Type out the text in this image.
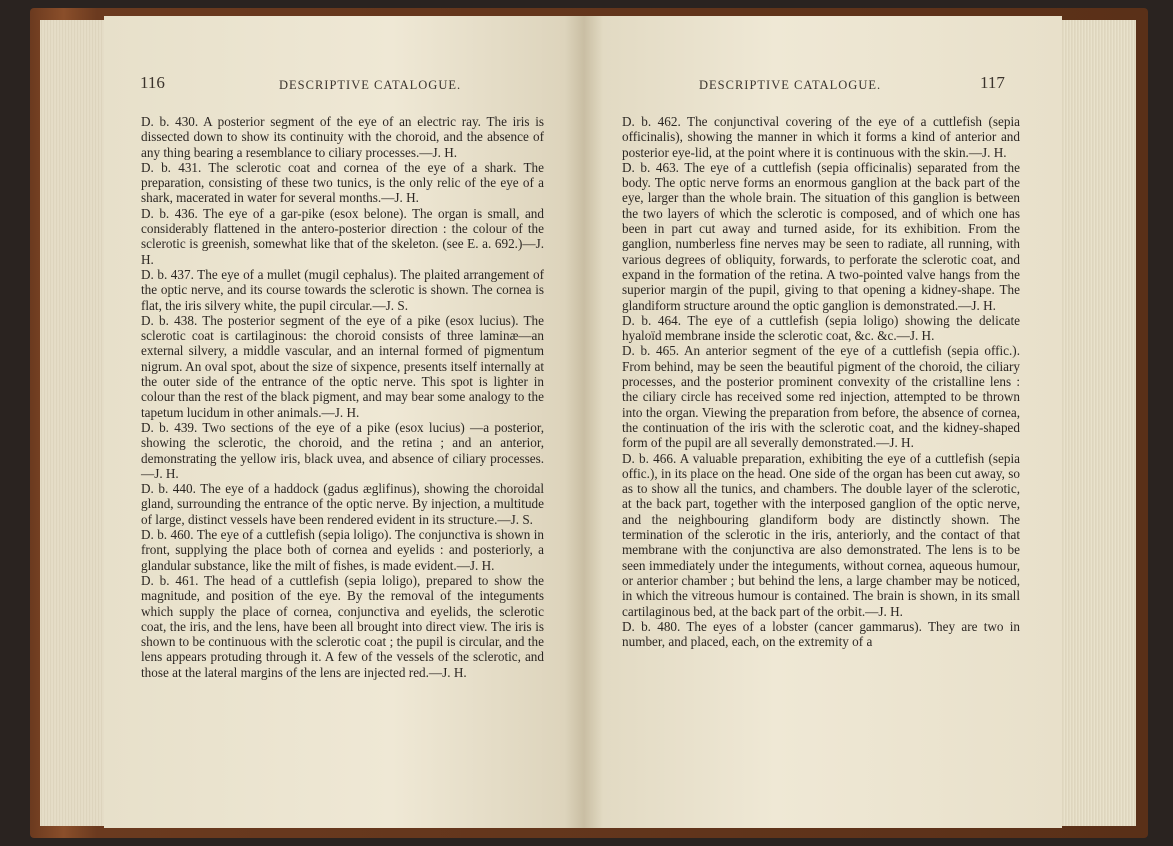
116	DESCRIPTIVE CATALOGUE.

D. b. 430. A posterior segment of the eye of an electric ray. The iris is dissected down to show its continuity with the choroid, and the absence of any thing bearing a resemblance to ciliary processes.—J. H.

D. b. 431. The sclerotic coat and cornea of the eye of a shark. The preparation, consisting of these two tunics, is the only relic of the eye of a shark, macerated in water for several months.—J. H.

D. b. 436. The eye of a gar-pike (esox belone). The organ is small, and considerably flattened in the antero-posterior direction : the colour of the sclerotic is greenish, somewhat like that of the skeleton. (see E. a. 692.)—J. H.

D. b. 437. The eye of a mullet (mugil cephalus). The plaited arrangement of the optic nerve, and its course towards the sclerotic is shown. The cornea is flat, the iris silvery white, the pupil circular.—J. S.

D. b. 438. The posterior segment of the eye of a pike (esox lucius). The sclerotic coat is cartilaginous: the choroid consists of three laminæ—an external silvery, a middle vascular, and an internal formed of pigmentum nigrum. An oval spot, about the size of sixpence, presents itself internally at the outer side of the entrance of the optic nerve. This spot is lighter in colour than the rest of the black pigment, and may bear some analogy to the tapetum lucidum in other animals.—J. H.

D. b. 439. Two sections of the eye of a pike (esox lucius) —a posterior, showing the sclerotic, the choroid, and the retina ; and an anterior, demonstrating the yellow iris, black uvea, and absence of ciliary processes.—J. H.

D. b. 440. The eye of a haddock (gadus æglifinus), showing the choroidal gland, surrounding the entrance of the optic nerve. By injection, a multitude of large, distinct vessels have been rendered evident in its structure.—J. S.

D. b. 460. The eye of a cuttlefish (sepia loligo). The conjunctiva is shown in front, supplying the place both of cornea and eyelids : and posteriorly, a glandular substance, like the milt of fishes, is made evident.—J. H.

D. b. 461. The head of a cuttlefish (sepia loligo), prepared to show the magnitude, and position of the eye. By the removal of the integuments which supply the place of cornea, conjunctiva and eyelids, the sclerotic coat, the iris, and the lens, have been all brought into direct view. The iris is shown to be continuous with the sclerotic coat ; the pupil is circular, and the lens appears protuding through it. A few of the vessels of the sclerotic, and those at the lateral margins of the lens are injected red.—J. H.

DESCRIPTIVE CATALOGUE.	117

D. b. 462. The conjunctival covering of the eye of a cuttlefish (sepia officinalis), showing the manner in which it forms a kind of anterior and posterior eye-lid, at the point where it is continuous with the skin.—J. H.

D. b. 463. The eye of a cuttlefish (sepia officinalis) separated from the body. The optic nerve forms an enormous ganglion at the back part of the eye, larger than the whole brain. The situation of this ganglion is between the two layers of which the sclerotic is composed, and of which one has been in part cut away and turned aside, for its exhibition. From the ganglion, numberless fine nerves may be seen to radiate, all running, with various degrees of obliquity, forwards, to perforate the sclerotic coat, and expand in the formation of the retina. A two-pointed valve hangs from the superior margin of the pupil, giving to that opening a kidney-shape. The glandiform structure around the optic ganglion is demonstrated.—J. H.

D. b. 464. The eye of a cuttlefish (sepia loligo) showing the delicate hyaloïd membrane inside the sclerotic coat, &c. &c.—J. H.

D. b. 465. An anterior segment of the eye of a cuttlefish (sepia offic.). From behind, may be seen the beautiful pigment of the choroid, the ciliary processes, and the posterior prominent convexity of the cristalline lens : the ciliary circle has received some red injection, attempted to be thrown into the organ. Viewing the preparation from before, the absence of cornea, the continuation of the iris with the sclerotic coat, and the kidney-shaped form of the pupil are all severally demonstrated.—J. H.

D. b. 466. A valuable preparation, exhibiting the eye of a cuttlefish (sepia offic.), in its place on the head. One side of the organ has been cut away, so as to show all the tunics, and chambers. The double layer of the sclerotic, at the back part, together with the interposed ganglion of the optic nerve, and the neighbouring glandiform body are distinctly shown. The termination of the sclerotic in the iris, anteriorly, and the contact of that membrane with the conjunctiva are also demonstrated. The lens is to be seen immediately under the integuments, without cornea, aqueous humour, or anterior chamber ; but behind the lens, a large chamber may be noticed, in which the vitreous humour is contained. The brain is shown, in its small cartilaginous bed, at the back part of the orbit.—J. H.

D. b. 480. The eyes of a lobster (cancer gammarus). They are two in number, and placed, each, on the extremity of a
